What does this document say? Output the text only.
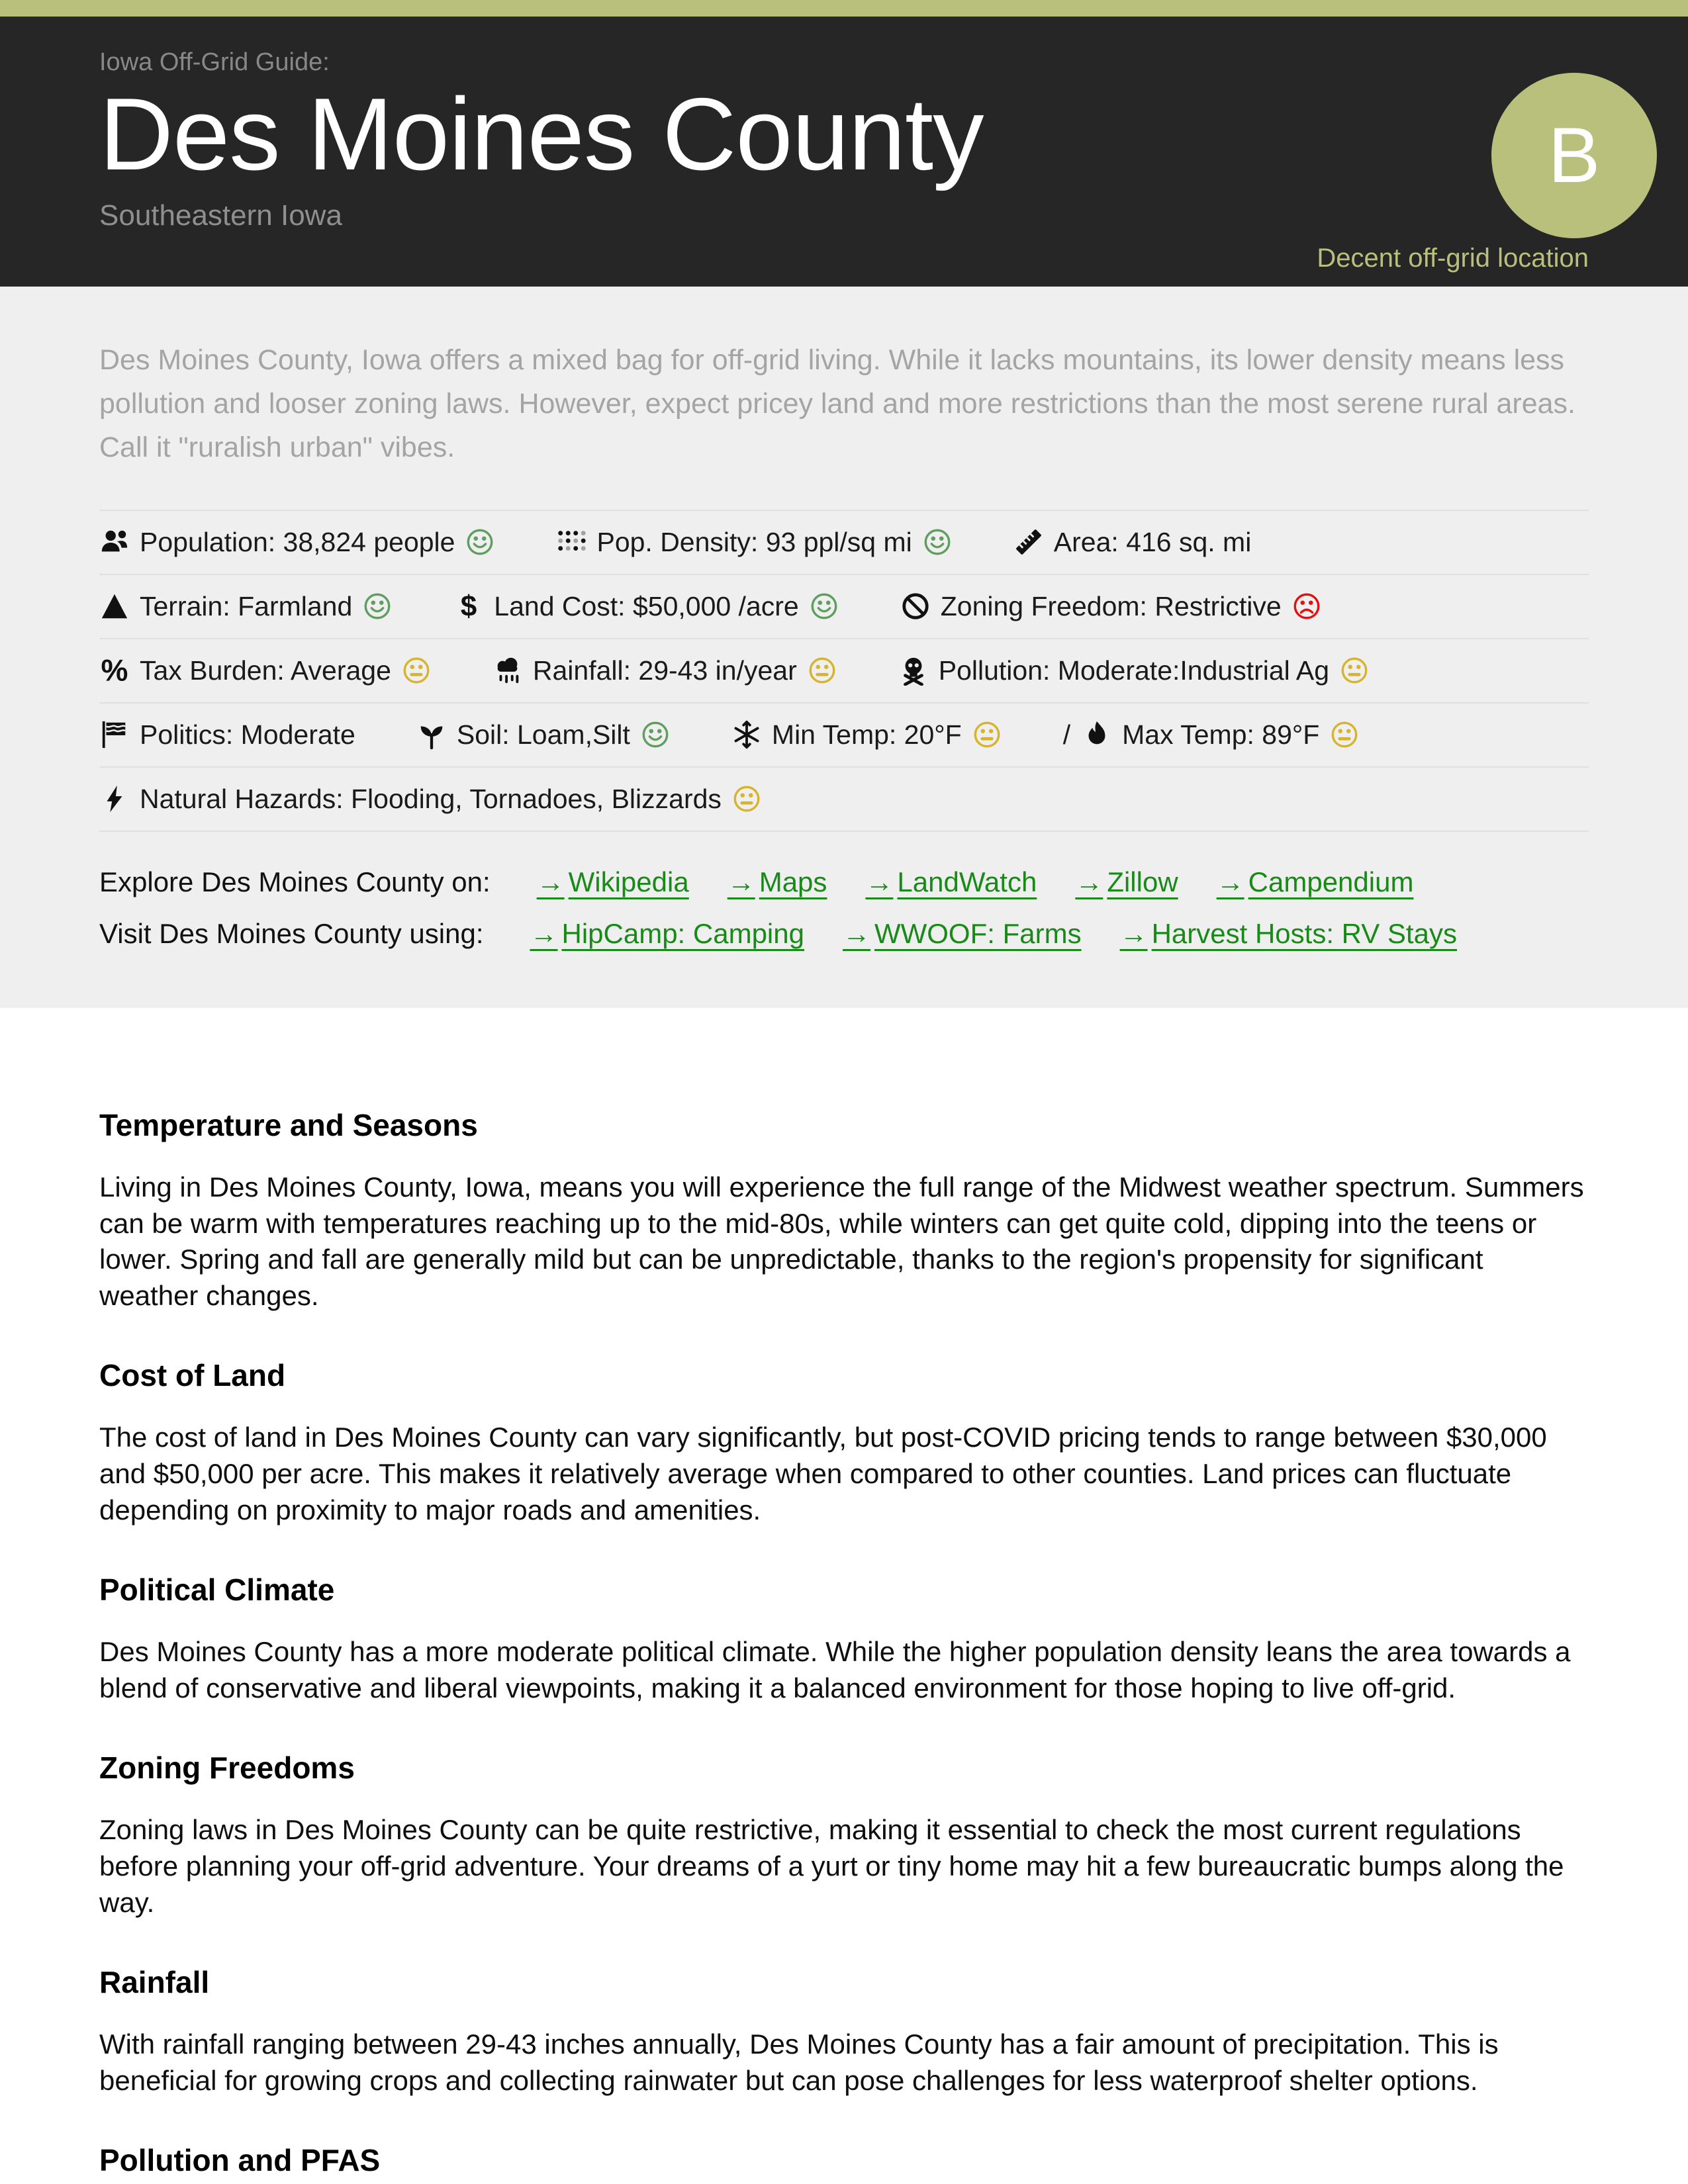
Iowa Off-Grid Guide:
Des Moines County
Southeastern Iowa
B
Decent off-grid location
Des Moines County, Iowa offers a mixed bag for off-grid living. While it lacks mountains, its lower density means less pollution and looser zoning laws. However, expect pricey land and more restrictions than the most serene rural areas. Call it "ruralish urban" vibes.
Population: 38,824 people	Pop. Density: 93 ppl/sq mi	Area: 416 sq. mi
Terrain: Farmland	$ Land Cost: $50,000 /acre	Zoning Freedom: Restrictive
% Tax Burden: Average	Rainfall: 29-43 in/year	Pollution: Moderate:Industrial Ag
Politics: Moderate	Soil: Loam,Silt	Min Temp: 20°F	/ Max Temp: 89°F
Natural Hazards: Flooding, Tornadoes, Blizzards
Explore Des Moines County on: → Wikipedia → Maps → LandWatch → Zillow → Campendium
Visit Des Moines County using: → HipCamp: Camping → WWOOF: Farms → Harvest Hosts: RV Stays
Temperature and Seasons

Living in Des Moines County, Iowa, means you will experience the full range of the Midwest weather spectrum. Summers can be warm with temperatures reaching up to the mid-80s, while winters can get quite cold, dipping into the teens or lower. Spring and fall are generally mild but can be unpredictable, thanks to the region's propensity for significant weather changes.

Cost of Land

The cost of land in Des Moines County can vary significantly, but post-COVID pricing tends to range between $30,000 and $50,000 per acre. This makes it relatively average when compared to other counties. Land prices can fluctuate depending on proximity to major roads and amenities.

Political Climate

Des Moines County has a more moderate political climate. While the higher population density leans the area towards a blend of conservative and liberal viewpoints, making it a balanced environment for those hoping to live off-grid.

Zoning Freedoms

Zoning laws in Des Moines County can be quite restrictive, making it essential to check the most current regulations before planning your off-grid adventure. Your dreams of a yurt or tiny home may hit a few bureaucratic bumps along the way.

Rainfall

With rainfall ranging between 29-43 inches annually, Des Moines County has a fair amount of precipitation. This is beneficial for growing crops and collecting rainwater but can pose challenges for less waterproof shelter options.

Pollution and PFAS
